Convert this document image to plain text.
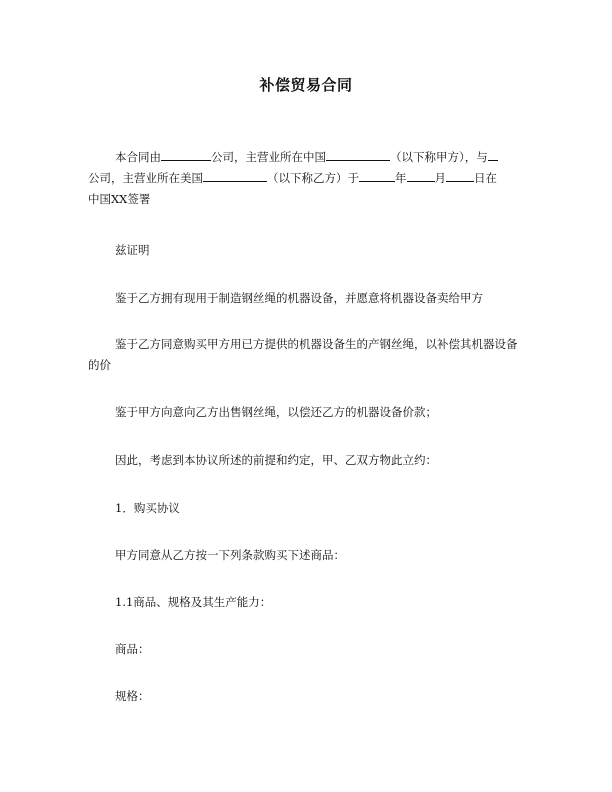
补偿贸易合同
本合同由	公司，主营业所在中国	（以下称甲方），与
公司，主营业所在美国	（以下称乙方）于	年 月 日在
中国XX签署
兹证明
鉴于乙方拥有现用于制造钢丝绳的机器设备，并愿意将机器设备卖给甲方
鉴于乙方同意购买甲方用已方提供的机器设备生的产钢丝绳，以补偿其机器设备的价
鉴于甲方向意向乙方出售钢丝绳，以偿还乙方的机器设备价款；
因此，考虑到本协议所述的前提和约定，甲、乙双方物此立约：
1．购买协议
甲方同意从乙方按一下列条款购买下述商品：
1.1商品、规格及其生产能力：
商品：
规格：
